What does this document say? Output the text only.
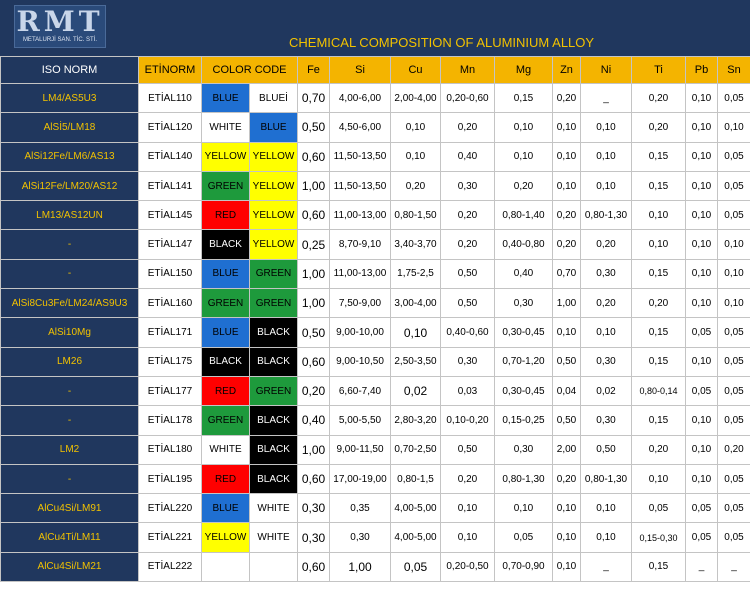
RMT
METALURJİ SAN. TİC. STİ.	CHEMICAL COMPOSITION OF ALUMINIUM ALLOY
ISO NORM	ETİNORM	COLOR CODE		Fe	Si	Cu	Mn	Mg	Zn	Ni	Ti	Pb	Sn
LM4/AS5U3	ETİAL110	BLUE	BLUEİ	0,70	4,00-6,00	2,00-4,00	0,20-0,60	0,15	0,20	_	0,20	0,10	0,05
AlSİ5/LM18	ETİAL120	WHITE	BLUE	0,50	4,50-6,00	0,10	0,20	0,10	0,10	0,10	0,20	0,10	0,10
AlSi12Fe/LM6/AS13	ETİAL140	YELLOW	YELLOW	0,60	11,50-13,50	0,10	0,40	0,10	0,10	0,10	0,15	0,10	0,05
AlSi12Fe/LM20/AS12	ETİAL141	GREEN	YELLOW	1,00	11,50-13,50	0,20	0,30	0,20	0,10	0,10	0,15	0,10	0,05
LM13/AS12UN	ETİAL145	RED	YELLOW	0,60	11,00-13,00	0,80-1,50	0,20	0,80-1,40	0,20	0,80-1,30	0,10	0,10	0,05
-	ETİAL147	BLACK	YELLOW	0,25	8,70-9,10	3,40-3,70	0,20	0,40-0,80	0,20	0,20	0,10	0,10	0,10
-	ETİAL150	BLUE	GREEN	1,00	11,00-13,00	1,75-2,5	0,50	0,40	0,70	0,30	0,15	0,10	0,10
AlSi8Cu3Fe/LM24/AS9U3	ETİAL160	GREEN	GREEN	1,00	7,50-9,00	3,00-4,00	0,50	0,30	1,00	0,20	0,20	0,10	0,10
AlSi10Mg	ETİAL171	BLUE	BLACK	0,50	9,00-10,00	0,10	0,40-0,60	0,30-0,45	0,10	0,10	0,15	0,05	0,05
LM26	ETİAL175	BLACK	BLACK	0,60	9,00-10,50	2,50-3,50	0,30	0,70-1,20	0,50	0,30	0,15	0,10	0,05
-	ETİAL177	RED	GREEN	0,20	6,60-7,40	0,02	0,03	0,30-0,45	0,04	0,02	0,80-0,14	0,05	0,05
-	ETİAL178	GREEN	BLACK	0,40	5,00-5,50	2,80-3,20	0,10-0,20	0,15-0,25	0,50	0,30	0,15	0,10	0,05
LM2	ETİAL180	WHITE	BLACK	1,00	9,00-11,50	0,70-2,50	0,50	0,30	2,00	0,50	0,20	0,10	0,20
-	ETİAL195	RED	BLACK	0,60	17,00-19,00	0,80-1,5	0,20	0,80-1,30	0,20	0,80-1,30	0,10	0,10	0,05
AlCu4Si/LM91	ETİAL220	BLUE	WHITE	0,30	0,35	4,00-5,00	0,10	0,10	0,10	0,10	0,05	0,05	0,05
AlCu4Ti/LM11	ETİAL221	YELLOW	WHITE	0,30	0,30	4,00-5,00	0,10	0,05	0,10	0,10	0,15-0,30	0,05	0,05
AlCu4Si/LM21	ETİAL222			0,60	1,00	0,05	0,20-0,50	0,70-0,90	0,10	_	0,15	_	_
